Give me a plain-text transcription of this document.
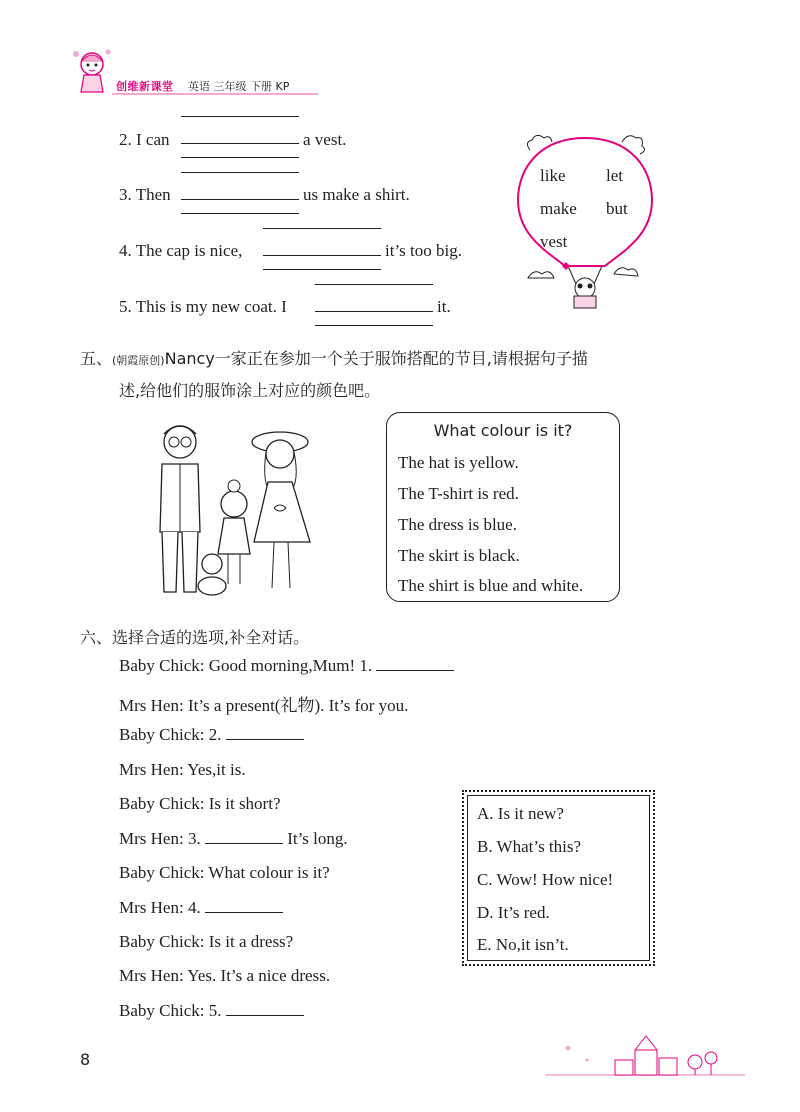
创维新课堂 英语 三年级 下册 KP
2. I can	a vest.
3. Then	us make a shirt.
4. The cap is nice,	it’s too big.
5. This is my new coat. I	it.
like let
make but
vest
五、(朝霞原创)Nancy一家正在参加一个关于服饰搭配的节目,请根据句子描
述,给他们的服饰涂上对应的颜色吧。
What colour is it?
The hat is yellow.
The T-shirt is red.
The dress is blue.
The skirt is black.
The shirt is blue and white.
六、选择合适的选项,补全对话。
Baby Chick: Good morning,Mum! 1.
Mrs Hen: It’s a present(礼物). It’s for you.
Baby Chick: 2.
Mrs Hen: Yes,it is.
Baby Chick: Is it short?
Mrs Hen: 3.	It’s long.
Baby Chick: What colour is it?
Mrs Hen: 4.
Baby Chick: Is it a dress?
Mrs Hen: Yes. It’s a nice dress.
Baby Chick: 5.
A. Is it new?
B. What’s this?
C. Wow! How nice!
D. It’s red.
E. No,it isn’t.
8
